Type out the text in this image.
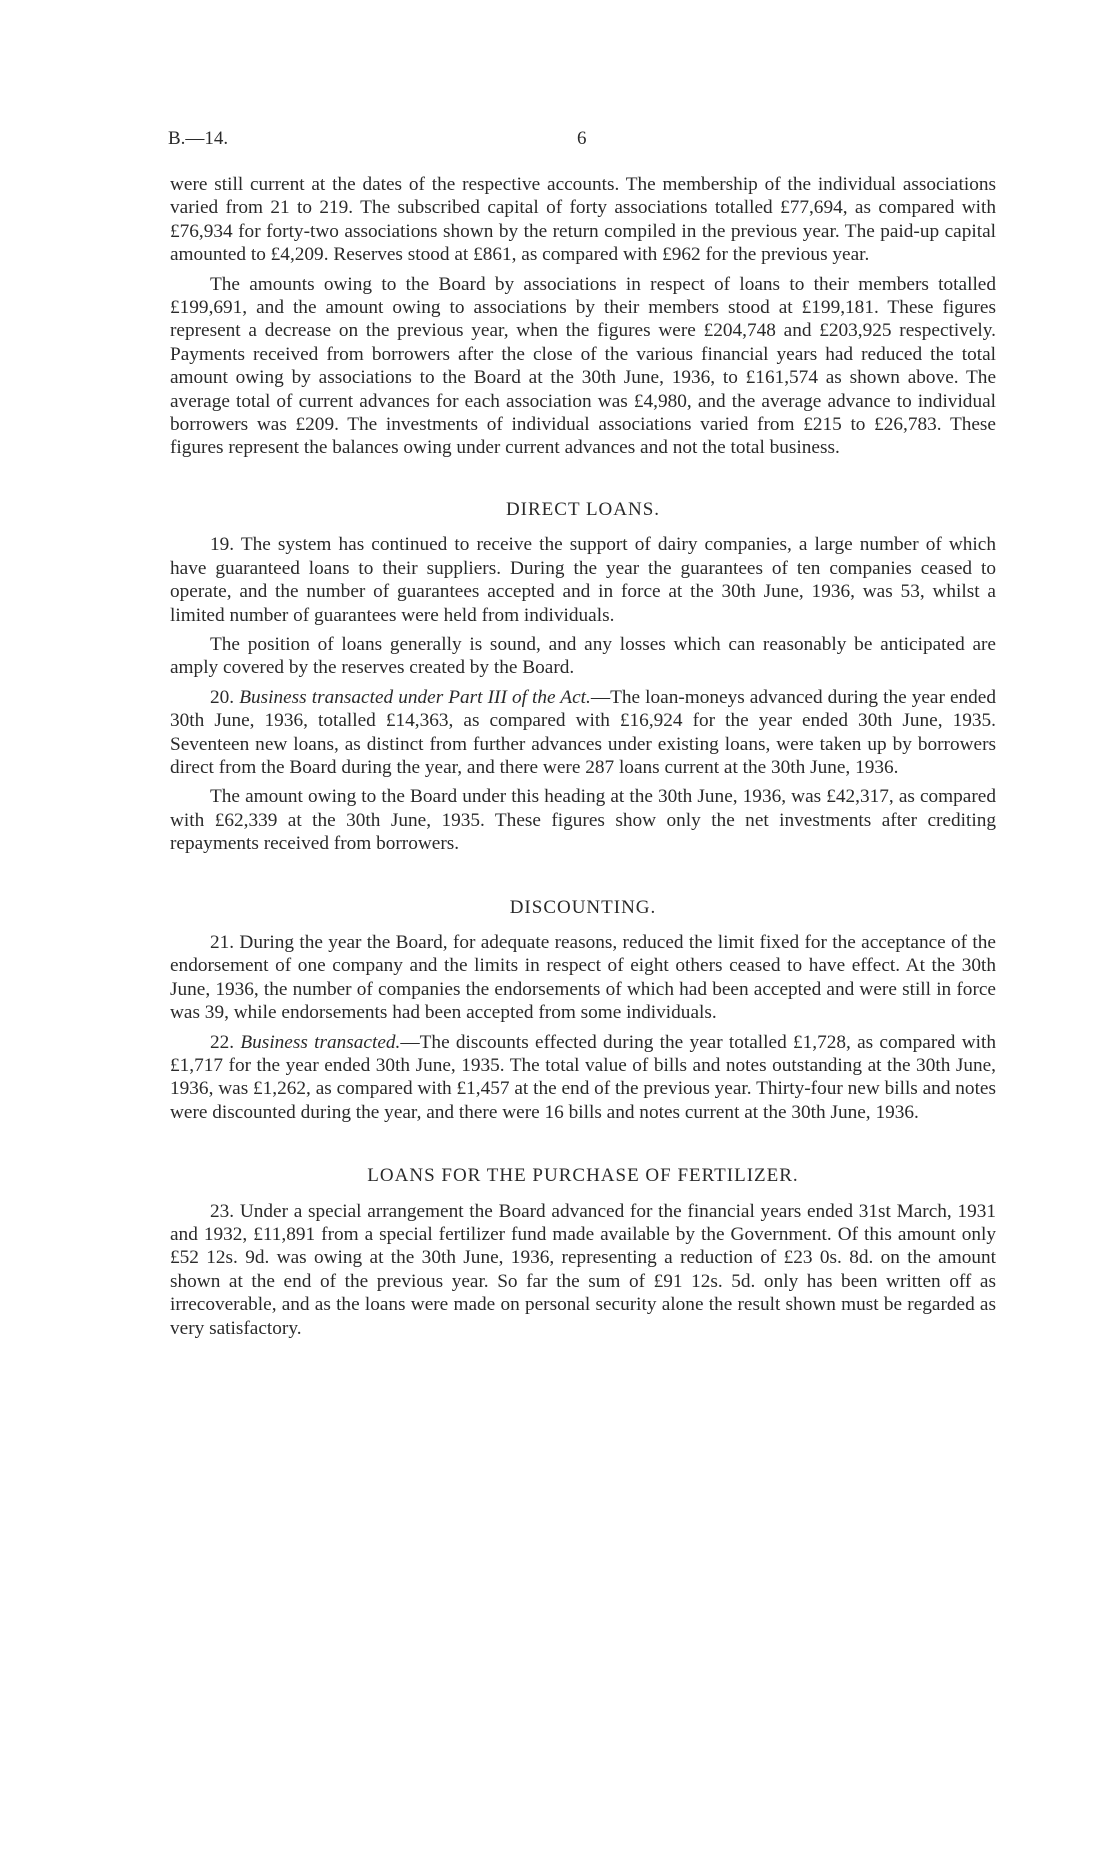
B.—14.	6

were still current at the dates of the respective accounts. The membership of the individual associations varied from 21 to 219. The subscribed capital of forty associations totalled £77,694, as compared with £76,934 for forty-two associations shown by the return compiled in the previous year. The paid-up capital amounted to £4,209. Reserves stood at £861, as compared with £962 for the previous year.

The amounts owing to the Board by associations in respect of loans to their members totalled £199,691, and the amount owing to associations by their members stood at £199,181. These figures represent a decrease on the previous year, when the figures were £204,748 and £203,925 respectively. Payments received from borrowers after the close of the various financial years had reduced the total amount owing by associations to the Board at the 30th June, 1936, to £161,574 as shown above. The average total of current advances for each association was £4,980, and the average advance to individual borrowers was £209. The investments of individual associations varied from £215 to £26,783. These figures represent the balances owing under current advances and not the total business.

DIRECT LOANS.

19. The system has continued to receive the support of dairy companies, a large number of which have guaranteed loans to their suppliers. During the year the guarantees of ten companies ceased to operate, and the number of guarantees accepted and in force at the 30th June, 1936, was 53, whilst a limited number of guarantees were held from individuals.

The position of loans generally is sound, and any losses which can reasonably be anticipated are amply covered by the reserves created by the Board.

20. Business transacted under Part III of the Act.—The loan-moneys advanced during the year ended 30th June, 1936, totalled £14,363, as compared with £16,924 for the year ended 30th June, 1935. Seventeen new loans, as distinct from further advances under existing loans, were taken up by borrowers direct from the Board during the year, and there were 287 loans current at the 30th June, 1936.

The amount owing to the Board under this heading at the 30th June, 1936, was £42,317, as compared with £62,339 at the 30th June, 1935. These figures show only the net investments after crediting repayments received from borrowers.

DISCOUNTING.

21. During the year the Board, for adequate reasons, reduced the limit fixed for the acceptance of the endorsement of one company and the limits in respect of eight others ceased to have effect. At the 30th June, 1936, the number of companies the endorsements of which had been accepted and were still in force was 39, while endorsements had been accepted from some individuals.

22. Business transacted.—The discounts effected during the year totalled £1,728, as compared with £1,717 for the year ended 30th June, 1935. The total value of bills and notes outstanding at the 30th June, 1936, was £1,262, as compared with £1,457 at the end of the previous year. Thirty-four new bills and notes were discounted during the year, and there were 16 bills and notes current at the 30th June, 1936.

LOANS FOR THE PURCHASE OF FERTILIZER.

23. Under a special arrangement the Board advanced for the financial years ended 31st March, 1931 and 1932, £11,891 from a special fertilizer fund made available by the Government. Of this amount only £52 12s. 9d. was owing at the 30th June, 1936, representing a reduction of £23 0s. 8d. on the amount shown at the end of the previous year. So far the sum of £91 12s. 5d. only has been written off as irrecoverable, and as the loans were made on personal security alone the result shown must be regarded as very satisfactory.
